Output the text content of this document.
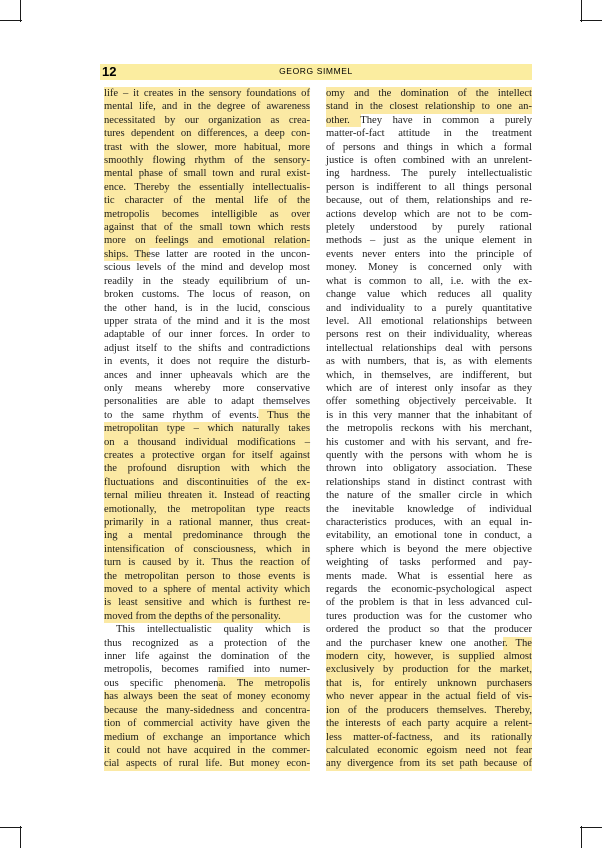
12	GEORG SIMMEL
life – it creates in the sensory foundations of
mental life, and in the degree of awareness
necessitated by our organization as crea-
tures dependent on differences, a deep con-
trast with the slower, more habitual, more
smoothly flowing rhythm of the sensory-
mental phase of small town and rural exist-
ence. Thereby the essentially intellectualis-
tic character of the mental life of the
metropolis becomes intelligible as over
against that of the small town which rests
more on feelings and emotional relation-
ships. These latter are rooted in the uncon-
scious levels of the mind and develop most
readily in the steady equilibrium of un-
broken customs. The locus of reason, on
the other hand, is in the lucid, conscious
upper strata of the mind and it is the most
adaptable of our inner forces. In order to
adjust itself to the shifts and contradictions
in events, it does not require the disturb-
ances and inner upheavals which are the
only means whereby more conservative
personalities are able to adapt themselves
to the same rhythm of events. Thus the
metropolitan type – which naturally takes
on a thousand individual modifications –
creates a protective organ for itself against
the profound disruption with which the
fluctuations and discontinuities of the ex-
ternal milieu threaten it. Instead of reacting
emotionally, the metropolitan type reacts
primarily in a rational manner, thus creat-
ing a mental predominance through the
intensification of consciousness, which in
turn is caused by it. Thus the reaction of
the metropolitan person to those events is
moved to a sphere of mental activity which
is least sensitive and which is furthest re-
moved from the depths of the personality.
This intellectualistic quality which is
thus recognized as a protection of the
inner life against the domination of the
metropolis, becomes ramified into numer-
ous specific phenomena. The metropolis
has always been the seat of money economy
because the many-sidedness and concentra-
tion of commercial activity have given the
medium of exchange an importance which
it could not have acquired in the commer-
cial aspects of rural life. But money econ-
omy and the domination of the intellect
stand in the closest relationship to one an-
other. They have in common a purely
matter-of-fact attitude in the treatment
of persons and things in which a formal
justice is often combined with an unrelent-
ing hardness. The purely intellectualistic
person is indifferent to all things personal
because, out of them, relationships and re-
actions develop which are not to be com-
pletely understood by purely rational
methods – just as the unique element in
events never enters into the principle of
money. Money is concerned only with
what is common to all, i.e. with the ex-
change value which reduces all quality
and individuality to a purely quantitative
level. All emotional relationships between
persons rest on their individuality, whereas
intellectual relationships deal with persons
as with numbers, that is, as with elements
which, in themselves, are indifferent, but
which are of interest only insofar as they
offer something objectively perceivable. It
is in this very manner that the inhabitant of
the metropolis reckons with his merchant,
his customer and with his servant, and fre-
quently with the persons with whom he is
thrown into obligatory association. These
relationships stand in distinct contrast with
the nature of the smaller circle in which
the inevitable knowledge of individual
characteristics produces, with an equal in-
evitability, an emotional tone in conduct, a
sphere which is beyond the mere objective
weighting of tasks performed and pay-
ments made. What is essential here as
regards the economic-psychological aspect
of the problem is that in less advanced cul-
tures production was for the customer who
ordered the product so that the producer
and the purchaser knew one another. The
modern city, however, is supplied almost
exclusively by production for the market,
that is, for entirely unknown purchasers
who never appear in the actual field of vis-
ion of the producers themselves. Thereby,
the interests of each party acquire a relent-
less matter-of-factness, and its rationally
calculated economic egoism need not fear
any divergence from its set path because of
